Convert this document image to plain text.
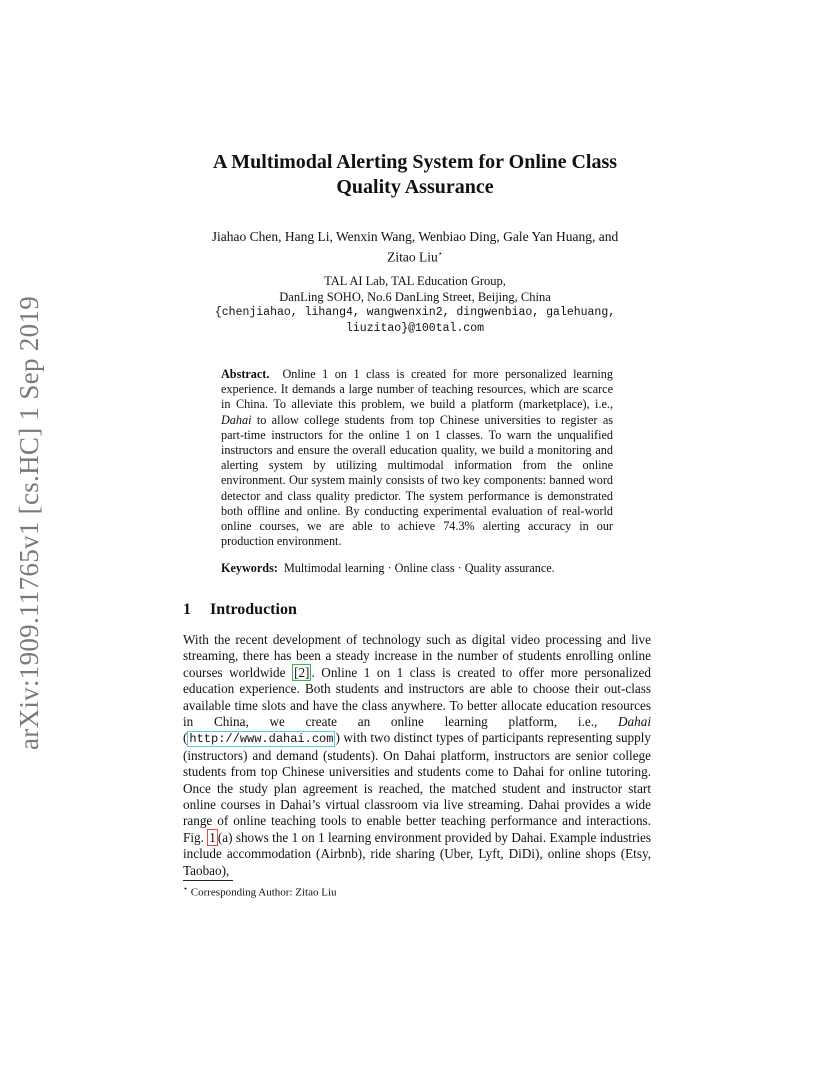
arXiv:1909.11765v1 [cs.HC] 1 Sep 2019
A Multimodal Alerting System for Online Class
Quality Assurance
Jiahao Chen, Hang Li, Wenxin Wang, Wenbiao Ding, Gale Yan Huang, and
Zitao Liu⋆
TAL AI Lab, TAL Education Group,
DanLing SOHO, No.6 DanLing Street, Beijing, China
{chenjiahao, lihang4, wangwenxin2, dingwenbiao, galehuang,
liuzitao}@100tal.com
Abstract. Online 1 on 1 class is created for more personalized learning experience. It demands a large number of teaching resources, which are scarce in China. To alleviate this problem, we build a platform (marketplace), i.e., Dahai to allow college students from top Chinese universities to register as part-time instructors for the online 1 on 1 classes. To warn the unqualified instructors and ensure the overall education quality, we build a monitoring and alerting system by utilizing multimodal information from the online environment. Our system mainly consists of two key components: banned word detector and class quality predictor. The system performance is demonstrated both offline and online. By conducting experimental evaluation of real-world online courses, we are able to achieve 74.3% alerting accuracy in our production environment.
Keywords: Multimodal learning · Online class · Quality assurance.
1 Introduction
With the recent development of technology such as digital video processing and live streaming, there has been a steady increase in the number of students enrolling online courses worldwide [2] . Online 1 on 1 class is created to offer more personalized education experience. Both students and instructors are able to choose their out-class available time slots and have the class anywhere. To better allocate education resources in China, we create an online learning platform, i.e., Dahai ( http://www.dahai.com ) with two distinct types of participants representing supply (instructors) and demand (students). On Dahai platform, instructors are senior college students from top Chinese universities and students come to Dahai for online tutoring. Once the study plan agreement is reached, the matched student and instructor start online courses in Dahai’s virtual classroom via live streaming. Dahai provides a wide range of online teaching tools to enable better teaching performance and interactions. Fig. 1 (a) shows the 1 on 1 learning environment provided by Dahai. Example industries include accommodation (Airbnb), ride sharing (Uber, Lyft, DiDi), online shops (Etsy, Taobao),
⋆ Corresponding Author: Zitao Liu
